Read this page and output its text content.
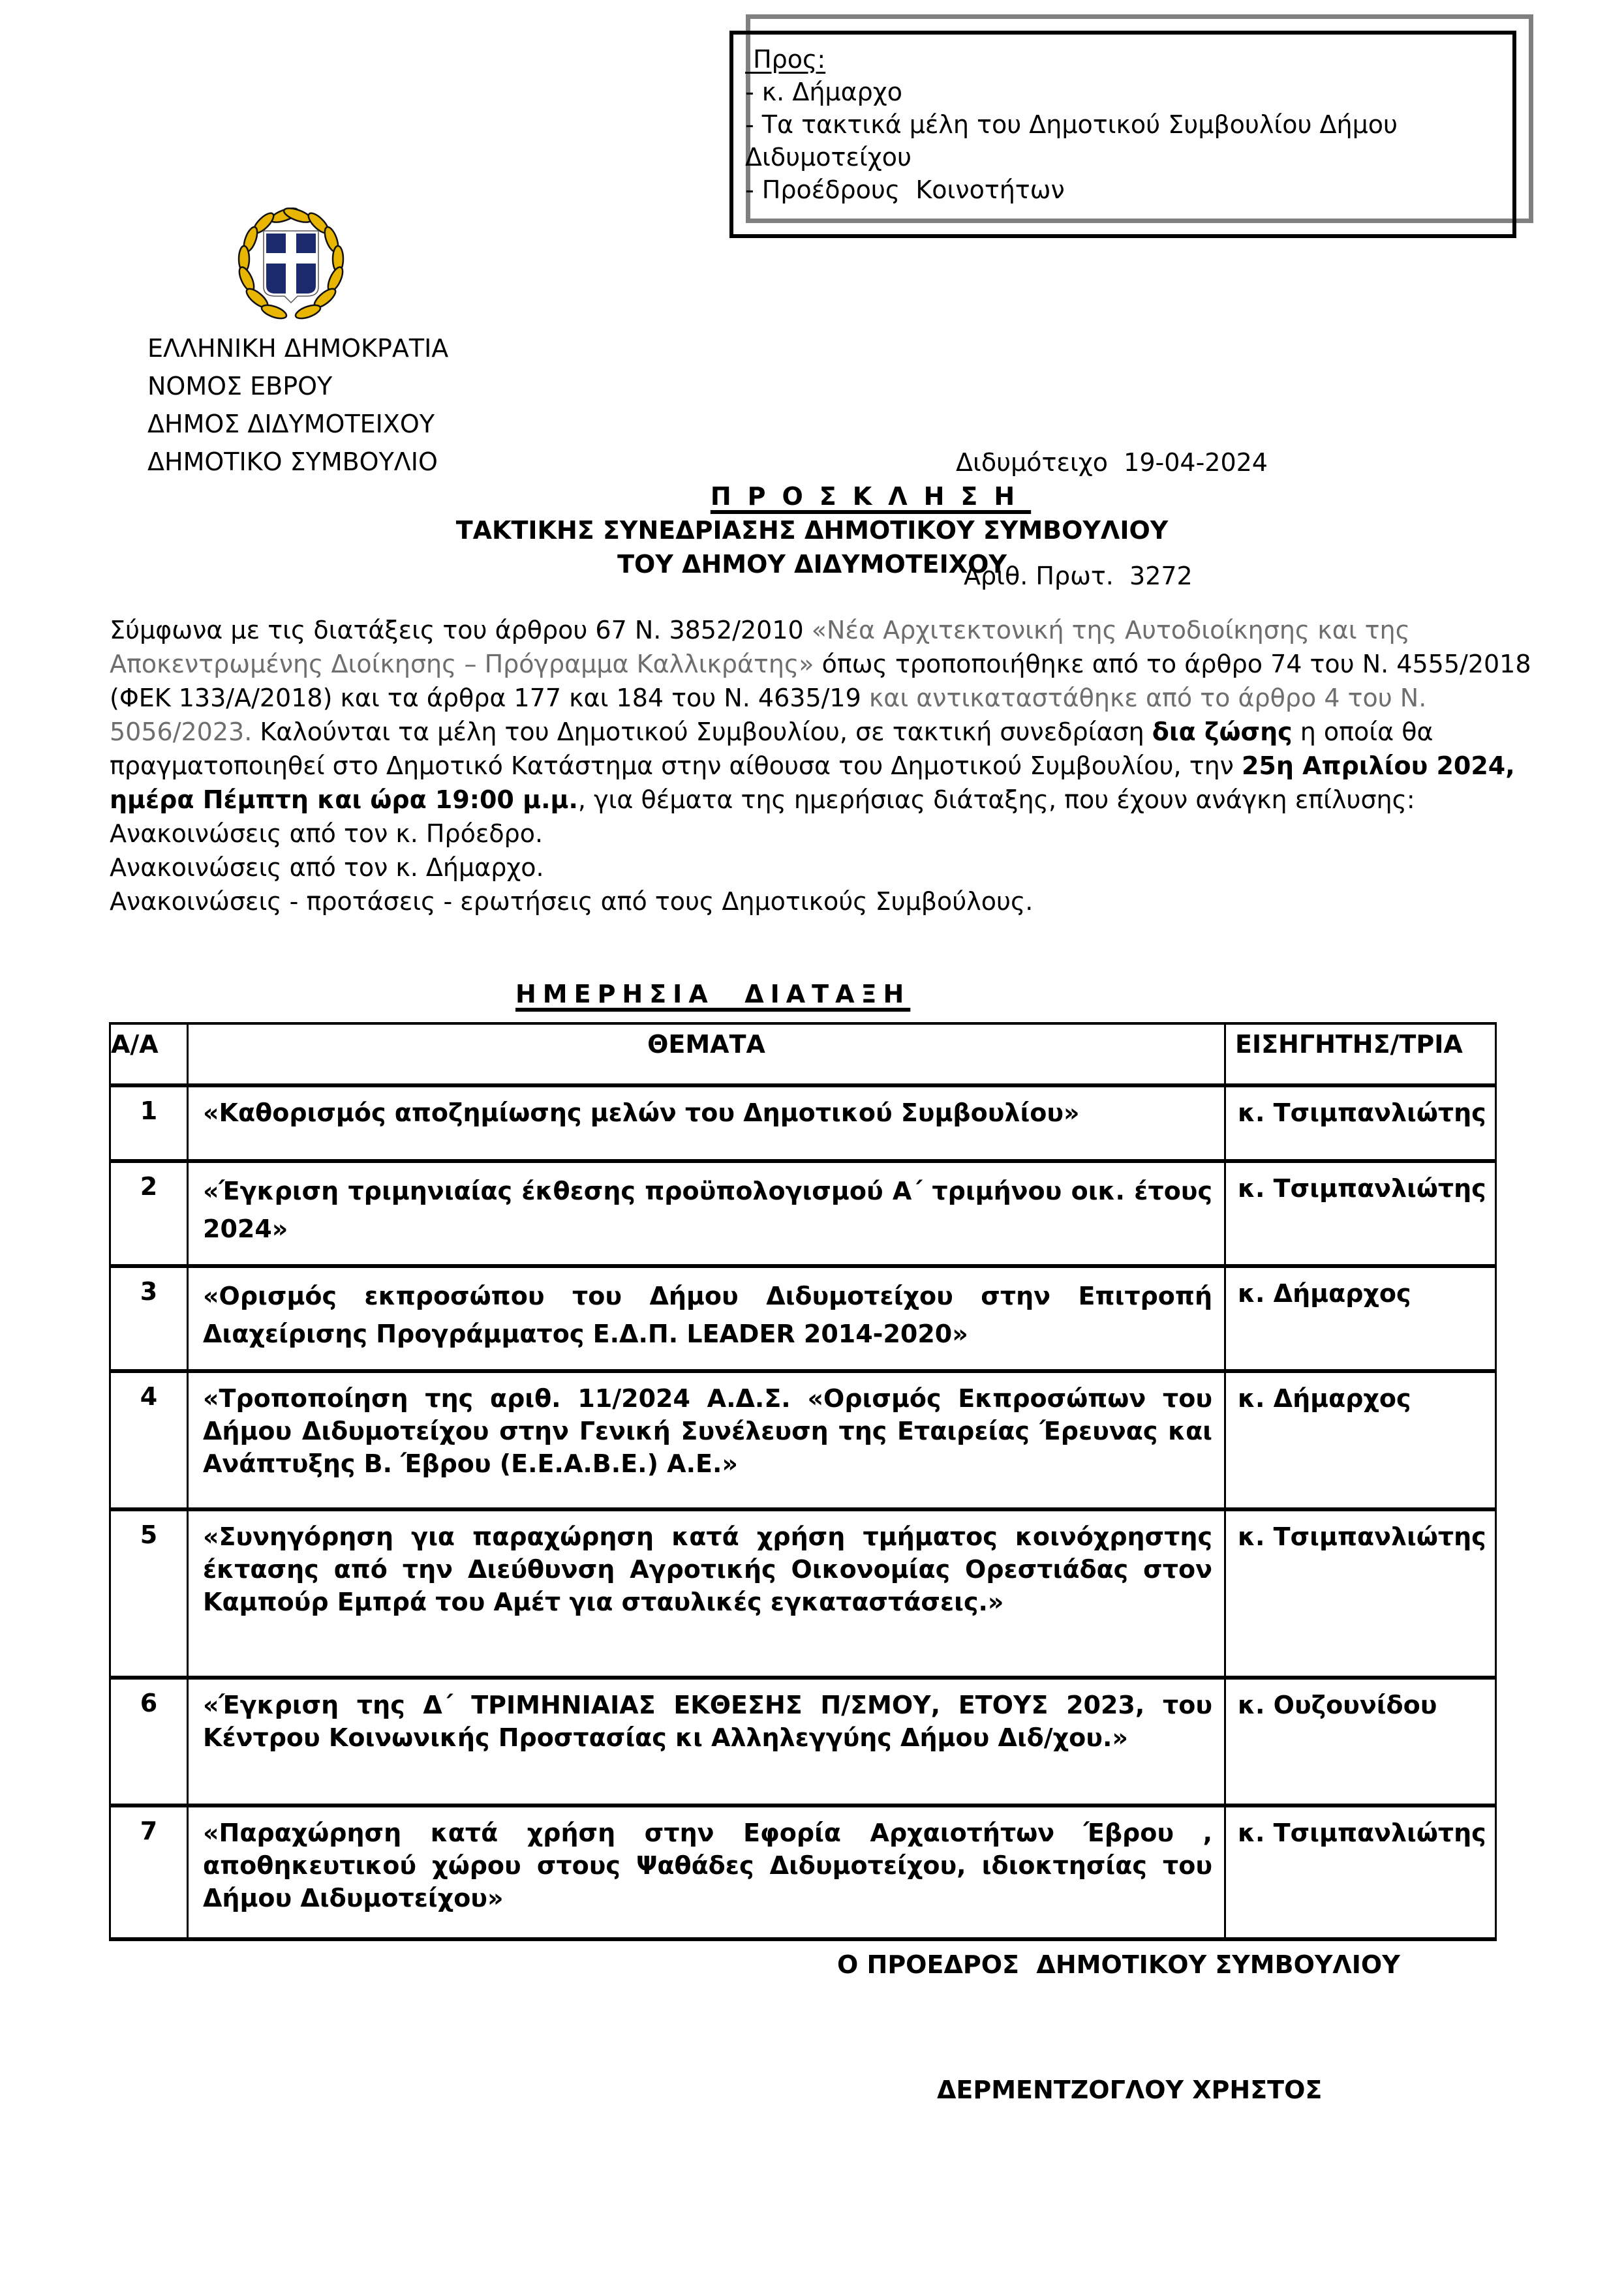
Προς:
- κ. Δήμαρχο
- Τα τακτικά μέλη του Δημοτικού Συμβουλίου Δήμου
Διδυμοτείχου
- Προέδρους  Κοινοτήτων
ΕΛΛΗΝΙΚΗ ΔΗΜΟΚΡΑΤΙΑ
ΝΟΜΟΣ ΕΒΡΟΥ
ΔΗΜΟΣ ΔΙΔΥΜΟΤΕΙΧΟΥ
ΔΗΜΟΤΙΚΟ ΣΥΜΒΟΥΛΙΟ

	Διδυμότειχο  19-04-2024

Αριθ. Πρωτ.  3272

ΠΡΟΣΚΛΗΣΗ
ΤΑΚΤΙΚΗΣ ΣΥΝΕΔΡΙΑΣΗΣ ΔΗΜΟΤΙΚΟΥ ΣΥΜΒΟΥΛΙΟΥ
ΤΟΥ ΔΗΜΟΥ ΔΙΔΥΜΟΤΕΙΧΟΥ

Σύμφωνα με τις διατάξεις του άρθρου 67 Ν. 3852/2010 «Νέα Αρχιτεκτονική της Αυτοδιοίκησης και της Αποκεντρωμένης Διοίκησης – Πρόγραμμα Καλλικράτης» όπως τροποποιήθηκε από το άρθρο 74 του Ν. 4555/2018 (ΦΕΚ 133/Α/2018) και τα άρθρα 177 και 184 του Ν. 4635/19 και αντικαταστάθηκε από το άρθρο 4 του Ν. 5056/2023. Καλούνται τα μέλη του Δημοτικού Συμβουλίου, σε τακτική συνεδρίαση δια ζώσης η οποία θα πραγματοποιηθεί στο Δημοτικό Κατάστημα στην αίθουσα του Δημοτικού Συμβουλίου, την 25η Απριλίου 2024, ημέρα Πέμπτη και ώρα 19:00 μ.μ., για θέματα της ημερήσιας διάταξης, που έχουν ανάγκη επίλυσης:

Ανακοινώσεις από τον κ. Πρόεδρο.
Ανακοινώσεις από τον κ. Δήμαρχο.
Ανακοινώσεις - προτάσεις - ερωτήσεις από τους Δημοτικούς Συμβούλους.
ΗΜΕΡΗΣΙΑ  ΔΙΑΤΑΞΗ
Α/Α	ΘΕΜΑΤΑ	ΕΙΣΗΓΗΤΗΣ/ΤΡΙΑ
1	«Καθορισμός αποζημίωσης μελών του Δημοτικού Συμβουλίου»	κ. Τσιμπανλιώτης
2	«Έγκριση τριμηνιαίας έκθεσης προϋπολογισμού Α΄ τριμήνου οικ. έτους 2024»	κ. Τσιμπανλιώτης
3	«Ορισμός εκπροσώπου του Δήμου Διδυμοτείχου στην Επιτροπή Διαχείρισης Προγράμματος Ε.Δ.Π. LEADER 2014-2020»	κ. Δήμαρχος
4	«Τροποποίηση της αριθ. 11/2024 Α.Δ.Σ. «Ορισμός Εκπροσώπων του Δήμου Διδυμοτείχου στην Γενική Συνέλευση της Εταιρείας Έρευνας και Ανάπτυξης Β. Έβρου (Ε.Ε.Α.Β.Ε.) Α.Ε.»	κ. Δήμαρχος
5	«Συνηγόρηση για παραχώρηση κατά χρήση τμήματος κοινόχρηστης έκτασης από την Διεύθυνση Αγροτικής Οικονομίας Ορεστιάδας στον Καμπούρ Εμπρά του Αμέτ για σταυλικές εγκαταστάσεις.»	κ. Τσιμπανλιώτης
6	«Έγκριση της Δ΄ ΤΡΙΜΗΝΙΑΙΑΣ ΕΚΘΕΣΗΣ Π/ΣΜΟΥ, ΕΤΟΥΣ 2023, του Κέντρου Κοινωνικής Προστασίας κι Αλληλεγγύης Δήμου Διδ/χου.»	κ. Ουζουνίδου
7	«Παραχώρηση κατά χρήση στην Εφορία Αρχαιοτήτων Έβρου , αποθηκευτικού χώρου στους Ψαθάδες Διδυμοτείχου, ιδιοκτησίας του Δήμου Διδυμοτείχου»	κ. Τσιμπανλιώτης
Ο ΠΡΟΕΔΡΟΣ  ΔΗΜΟΤΙΚΟΥ ΣΥΜΒΟΥΛΙΟΥ
ΔΕΡΜΕΝΤΖΟΓΛΟΥ ΧΡΗΣΤΟΣ
